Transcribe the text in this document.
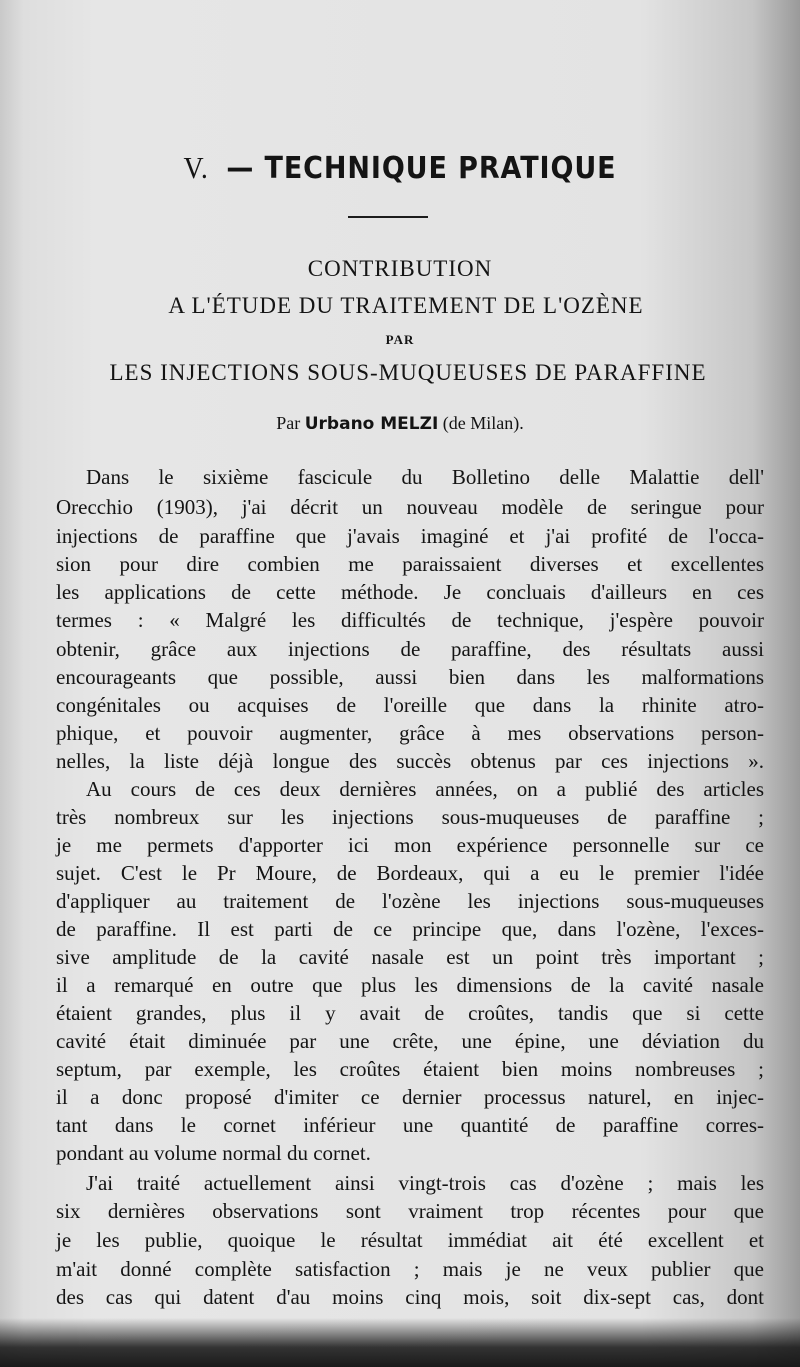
V. — TECHNIQUE PRATIQUE
CONTRIBUTION
A L'ÉTUDE DU TRAITEMENT DE L'OZÈNE
PAR
LES INJECTIONS SOUS-MUQUEUSES DE PARAFFINE
Par Urbano MELZI (de Milan).
Dans le sixième fascicule du Bolletino delle Malattie dell'
Orecchio (1903), j'ai décrit un nouveau modèle de seringue pour
injections de paraffine que j'avais imaginé et j'ai profité de l'occa-
sion pour dire combien me paraissaient diverses et excellentes
les applications de cette méthode. Je concluais d'ailleurs en ces
termes : « Malgré les difficultés de technique, j'espère pouvoir
obtenir, grâce aux injections de paraffine, des résultats aussi
encourageants que possible, aussi bien dans les malformations
congénitales ou acquises de l'oreille que dans la rhinite atro-
phique, et pouvoir augmenter, grâce à mes observations person-
nelles, la liste déjà longue des succès obtenus par ces injections ».
Au cours de ces deux dernières années, on a publié des articles
très nombreux sur les injections sous-muqueuses de paraffine ;
je me permets d'apporter ici mon expérience personnelle sur ce
sujet. C'est le Pr Moure, de Bordeaux, qui a eu le premier l'idée
d'appliquer au traitement de l'ozène les injections sous-muqueuses
de paraffine. Il est parti de ce principe que, dans l'ozène, l'exces-
sive amplitude de la cavité nasale est un point très important ;
il a remarqué en outre que plus les dimensions de la cavité nasale
étaient grandes, plus il y avait de croûtes, tandis que si cette
cavité était diminuée par une crête, une épine, une déviation du
septum, par exemple, les croûtes étaient bien moins nombreuses ;
il a donc proposé d'imiter ce dernier processus naturel, en injec-
tant dans le cornet inférieur une quantité de paraffine corres-
pondant au volume normal du cornet.
J'ai traité actuellement ainsi vingt-trois cas d'ozène ; mais les
six dernières observations sont vraiment trop récentes pour que
je les publie, quoique le résultat immédiat ait été excellent et
m'ait donné complète satisfaction ; mais je ne veux publier que
des cas qui datent d'au moins cinq mois, soit dix-sept cas, dont
